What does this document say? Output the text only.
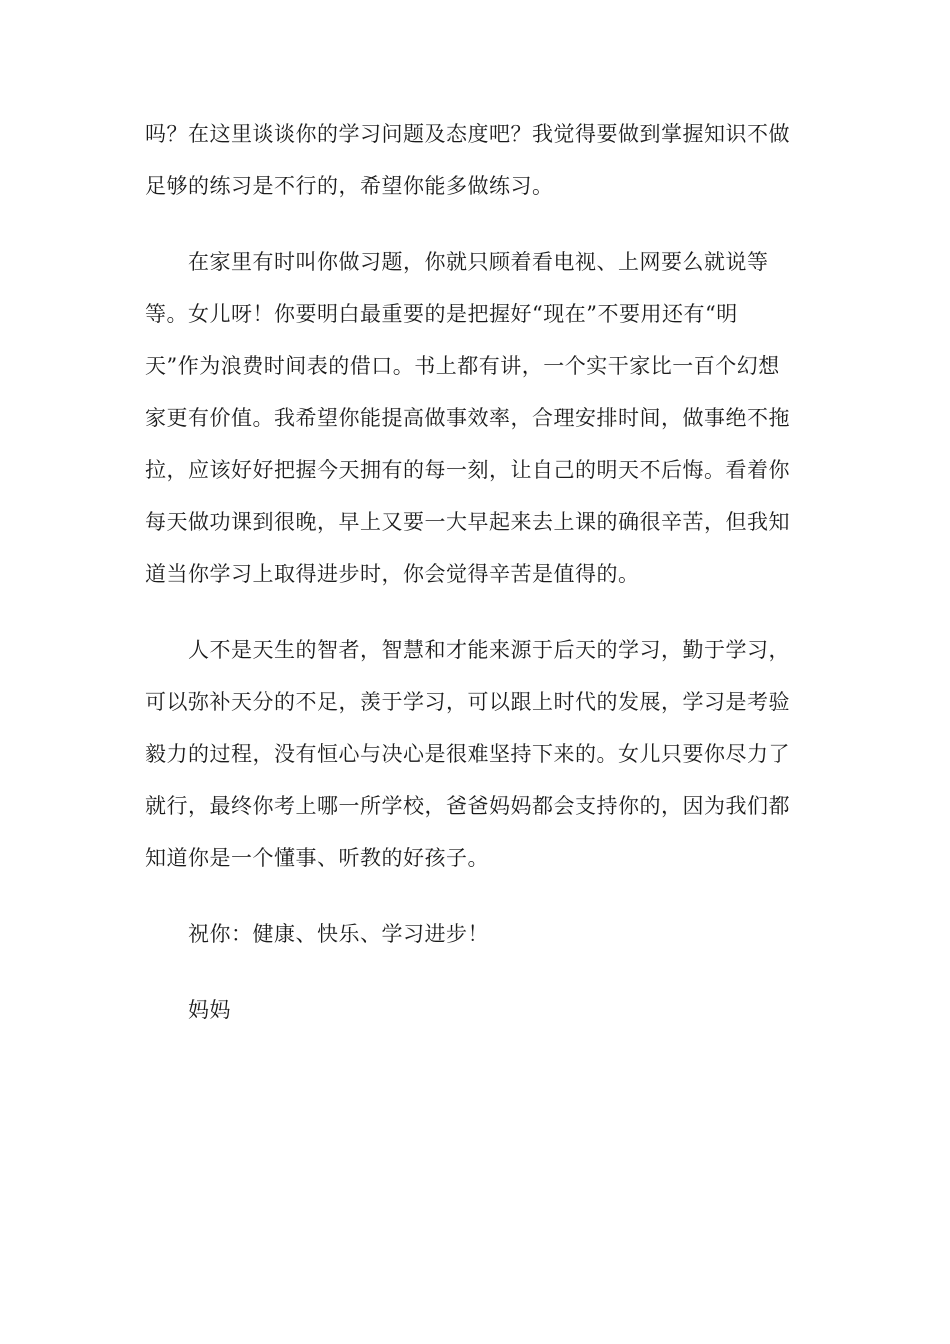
吗？在这里谈谈你的学习问题及态度吧？我觉得要做到掌握知识不做
足够的练习是不行的，希望你能多做练习。
在家里有时叫你做习题，你就只顾着看电视、上网要么就说等
等。女儿呀！你要明白最重要的是把握好“现在”不要用还有“明
天”作为浪费时间表的借口。书上都有讲，一个实干家比一百个幻想
家更有价值。我希望你能提高做事效率，合理安排时间，做事绝不拖
拉，应该好好把握今天拥有的每一刻，让自己的明天不后悔。看着你
每天做功课到很晚，早上又要一大早起来去上课的确很辛苦，但我知
道当你学习上取得进步时，你会觉得辛苦是值得的。
人不是天生的智者，智慧和才能来源于后天的学习，勤于学习，
可以弥补天分的不足，羡于学习，可以跟上时代的发展，学习是考验
毅力的过程，没有恒心与决心是很难坚持下来的。女儿只要你尽力了
就行，最终你考上哪一所学校，爸爸妈妈都会支持你的，因为我们都
知道你是一个懂事、听教的好孩子。
祝你：健康、快乐、学习进步！
妈妈
